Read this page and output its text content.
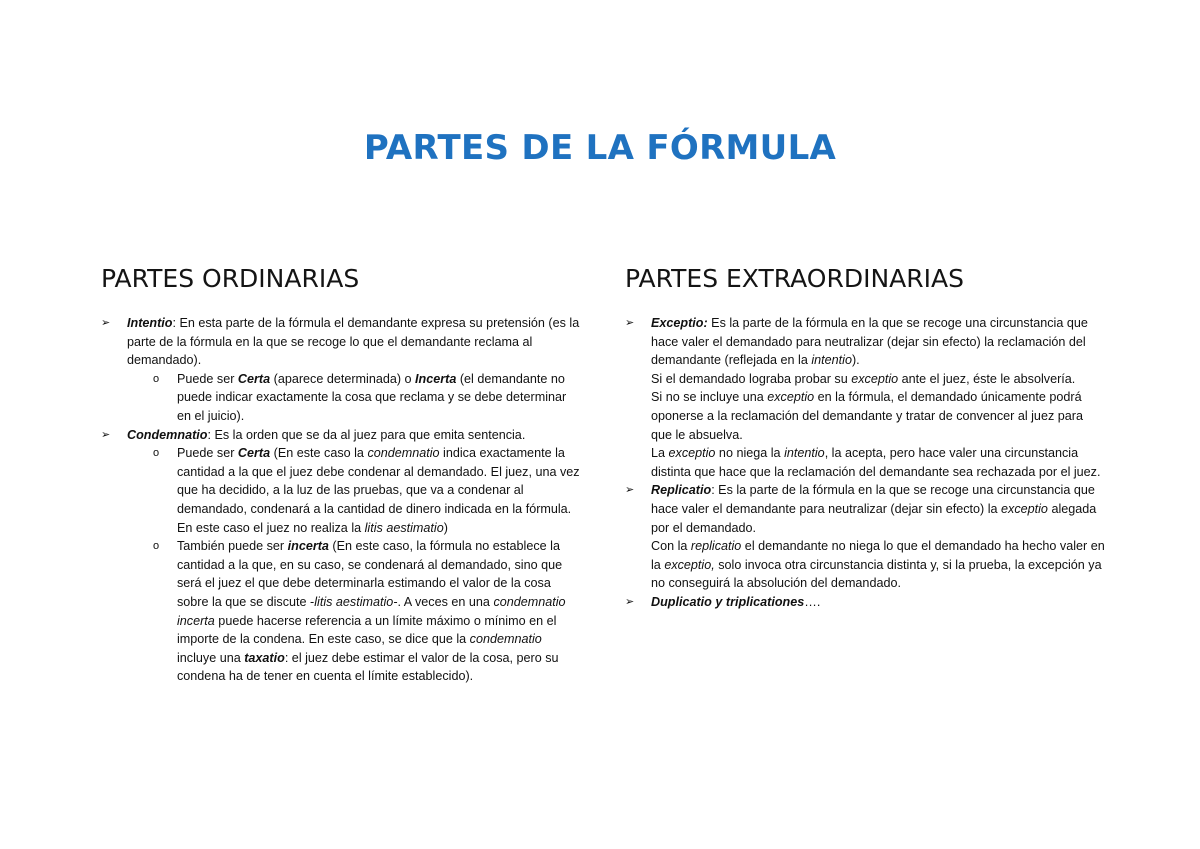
PARTES DE LA FÓRMULA
PARTES ORDINARIAS
➢ Intentio: En esta parte de la fórmula el demandante expresa su pretensión (es la parte de la fórmula en la que se recoge lo que el demandante reclama al demandado).
o Puede ser Certa (aparece determinada) o Incerta (el demandante no puede indicar exactamente la cosa que reclama y se debe determinar en el juicio).
➢ Condemnatio: Es la orden que se da al juez para que emita sentencia.
o Puede ser Certa (En este caso la condemnatio indica exactamente la cantidad a la que el juez debe condenar al demandado. El juez, una vez que ha decidido, a la luz de las pruebas, que va a condenar al demandado, condenará a la cantidad de dinero indicada en la fórmula. En este caso el juez no realiza la litis aestimatio)
o También puede ser incerta (En este caso, la fórmula no establece la cantidad a la que, en su caso, se condenará al demandado, sino que será el juez el que debe determinarla estimando el valor de la cosa sobre la que se discute -litis aestimatio-. A veces en una condemnatio incerta puede hacerse referencia a un límite máximo o mínimo en el importe de la condena. En este caso, se dice que la condemnatio incluye una taxatio: el juez debe estimar el valor de la cosa, pero su condena ha de tener en cuenta el límite establecido).
PARTES EXTRAORDINARIAS
➢ Exceptio: Es la parte de la fórmula en la que se recoge una circunstancia que hace valer el demandado para neutralizar (dejar sin efecto) la reclamación del demandante (reflejada en la intentio).
Si el demandado lograba probar su exceptio ante el juez, éste le absolvería.
Si no se incluye una exceptio en la fórmula, el demandado únicamente podrá oponerse a la reclamación del demandante y tratar de convencer al juez para que le absuelva.
La exceptio no niega la intentio, la acepta, pero hace valer una circunstancia distinta que hace que la reclamación del demandante sea rechazada por el juez.
➢ Replicatio: Es la parte de la fórmula en la que se recoge una circunstancia que hace valer el demandante para neutralizar (dejar sin efecto) la exceptio alegada por el demandado.
Con la replicatio el demandante no niega lo que el demandado ha hecho valer en la exceptio, solo invoca otra circunstancia distinta y, si la prueba, la excepción ya no conseguirá la absolución del demandado.
➢ Duplicatio y triplicationes….
